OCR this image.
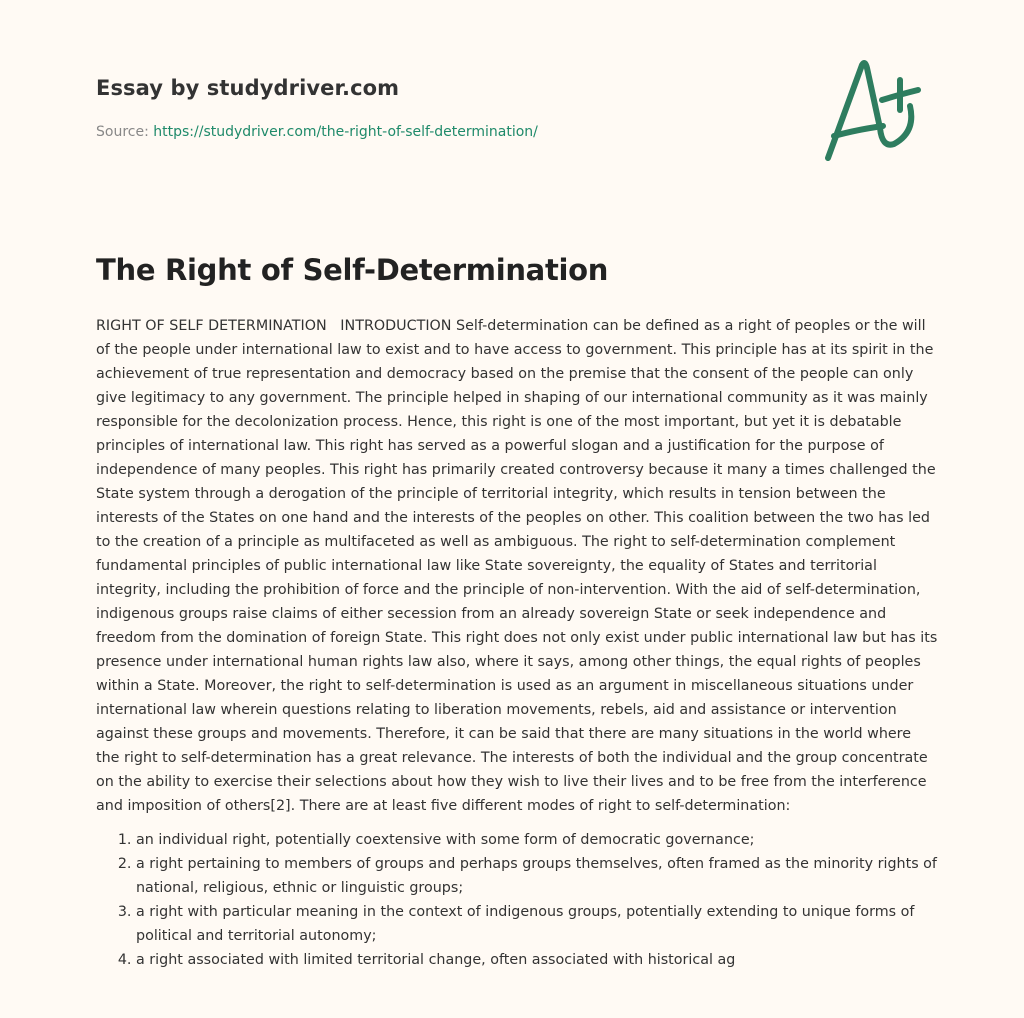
Essay by studydriver.com
Source: https://studydriver.com/the-right-of-self-determination/
The Right of Self-Determination

RIGHT OF SELF DETERMINATION   INTRODUCTION Self-determination can be defined as a right of peoples or the will of the people under international law to exist and to have access to government. This principle has at its spirit in the achievement of true representation and democracy based on the premise that the consent of the people can only give legitimacy to any government. The principle helped in shaping of our international community as it was mainly responsible for the decolonization process. Hence, this right is one of the most important, but yet it is debatable principles of international law. This right has served as a powerful slogan and a justification for the purpose of independence of many peoples. This right has primarily created controversy because it many a times challenged the State system through a derogation of the principle of territorial integrity, which results in tension between the interests of the States on one hand and the interests of the peoples on other. This coalition between the two has led to the creation of a principle as multifaceted as well as ambiguous. The right to self-determination complement fundamental principles of public international law like State sovereignty, the equality of States and territorial integrity, including the prohibition of force and the principle of non-intervention. With the aid of self-determination, indigenous groups raise claims of either secession from an already sovereign State or seek independence and freedom from the domination of foreign State. This right does not only exist under public international law but has its presence under international human rights law also, where it says, among other things, the equal rights of peoples within a State. Moreover, the right to self-determination is used as an argument in miscellaneous situations under international law wherein questions relating to liberation movements, rebels, aid and assistance or intervention against these groups and movements. Therefore, it can be said that there are many situations in the world where the right to self-determination has a great relevance. The interests of both the individual and the group concentrate on the ability to exercise their selections about how they wish to live their lives and to be free from the interference and imposition of others[2]. There are at least five different modes of right to self-determination:

1. an individual right, potentially coextensive with some form of democratic governance;
2. a right pertaining to members of groups and perhaps groups themselves, often framed as the minority rights of national, religious, ethnic or linguistic groups;
3. a right with particular meaning in the context of indigenous groups, potentially extending to unique forms of political and territorial autonomy;
4. a right associated with limited territorial change, often associated with historical ag
